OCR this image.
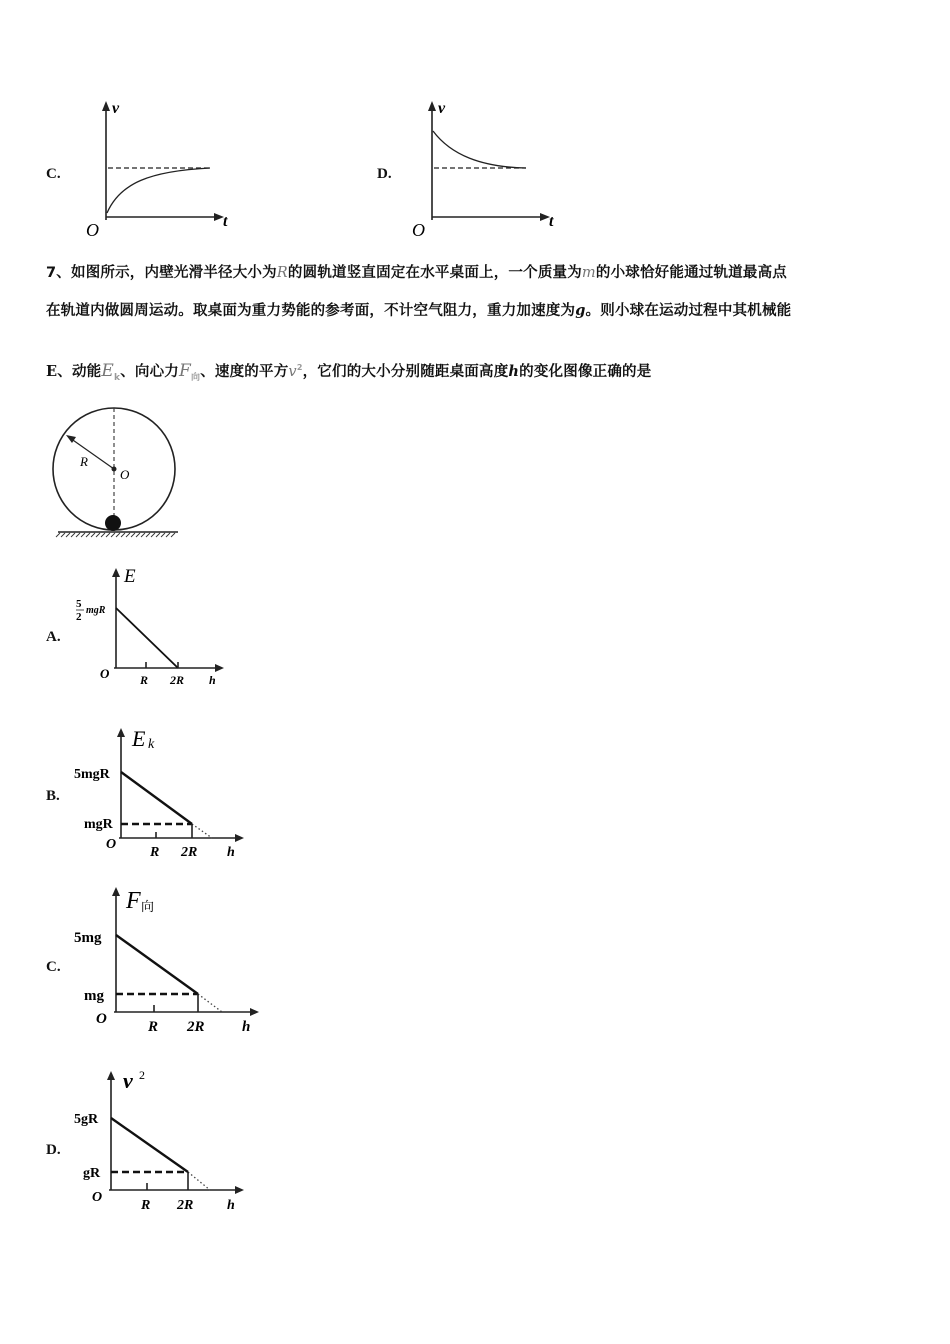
C.
v
t
O
D.
v
t
O
7、如图所示，内壁光滑半径大小为R的圆轨道竖直固定在水平桌面上，一个质量为m的小球恰好能通过轨道最高点
在轨道内做圆周运动。取桌面为重力势能的参考面，不计空气阻力，重力加速度为g。则小球在运动过程中其机械能
E、动能$E_k$、向心力$F_向$、速度的平方$v^2$，它们的大小分别随距桌面高度h的变化图像正确的是
R
O
A.
E
5
2
mgR
O	R 2R h
B.
E k
5mgR
mgR
O
R 2R h
C.
F 向
5mg
mg
O	R 2R h
D.
v 2
5gR
gR
O
R 2R h
